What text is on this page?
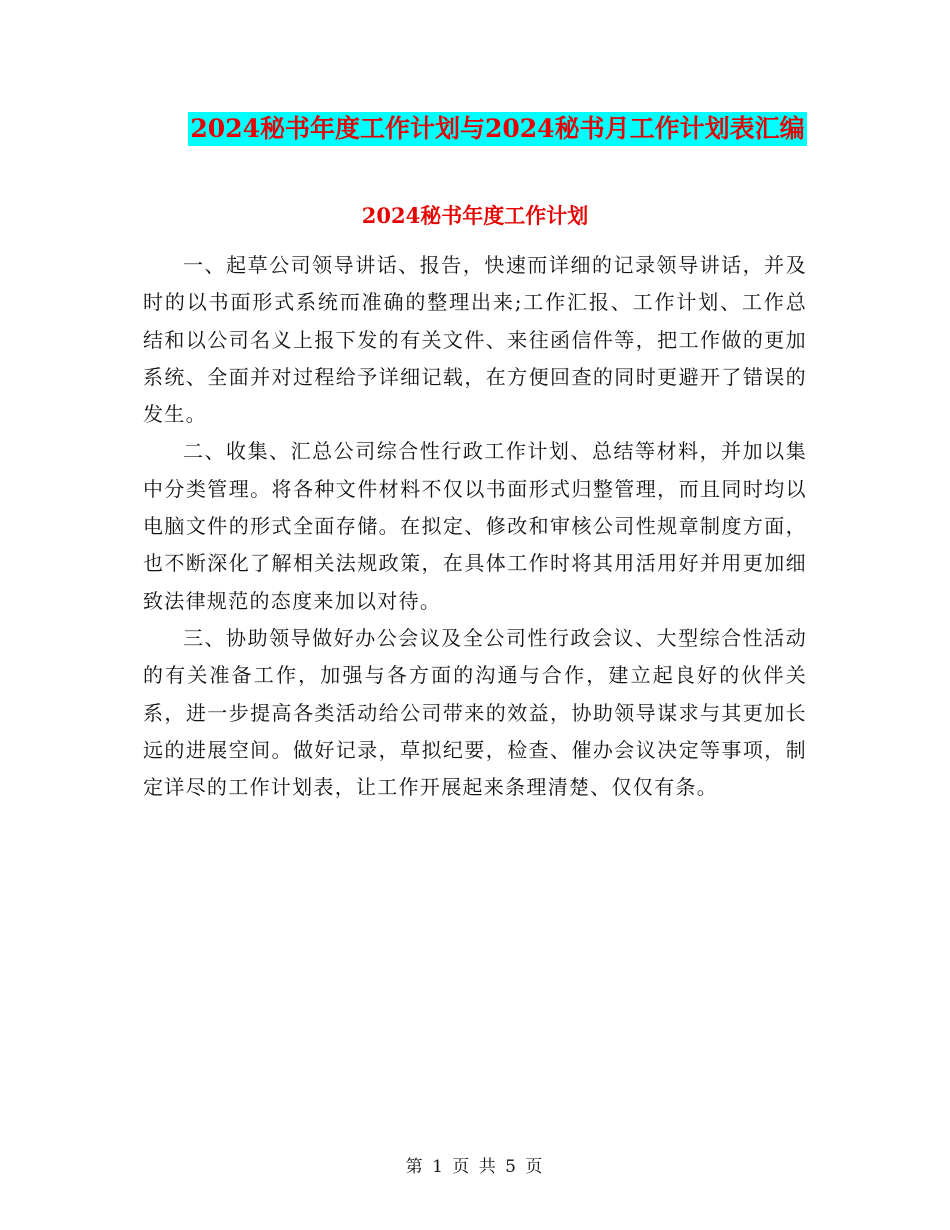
2024秘书年度工作计划与2024秘书月工作计划表汇编
2024秘书年度工作计划

一、起草公司领导讲话、报告，快速而详细的记录领导讲话，并及时的以书面形式系统而准确的整理出来;工作汇报、工作计划、工作总结和以公司名义上报下发的有关文件、来往函信件等，把工作做的更加系统、全面并对过程给予详细记载，在方便回查的同时更避开了错误的发生。

二、收集、汇总公司综合性行政工作计划、总结等材料，并加以集中分类管理。将各种文件材料不仅以书面形式归整管理，而且同时均以电脑文件的形式全面存储。在拟定、修改和审核公司性规章制度方面，也不断深化了解相关法规政策，在具体工作时将其用活用好并用更加细致法律规范的态度来加以对待。

三、协助领导做好办公会议及全公司性行政会议、大型综合性活动的有关准备工作，加强与各方面的沟通与合作，建立起良好的伙伴关系，进一步提高各类活动给公司带来的效益，协助领导谋求与其更加长远的进展空间。做好记录，草拟纪要，检查、催办会议决定等事项，制定详尽的工作计划表，让工作开展起来条理清楚、仅仅有条。

第 1 页 共 5 页
